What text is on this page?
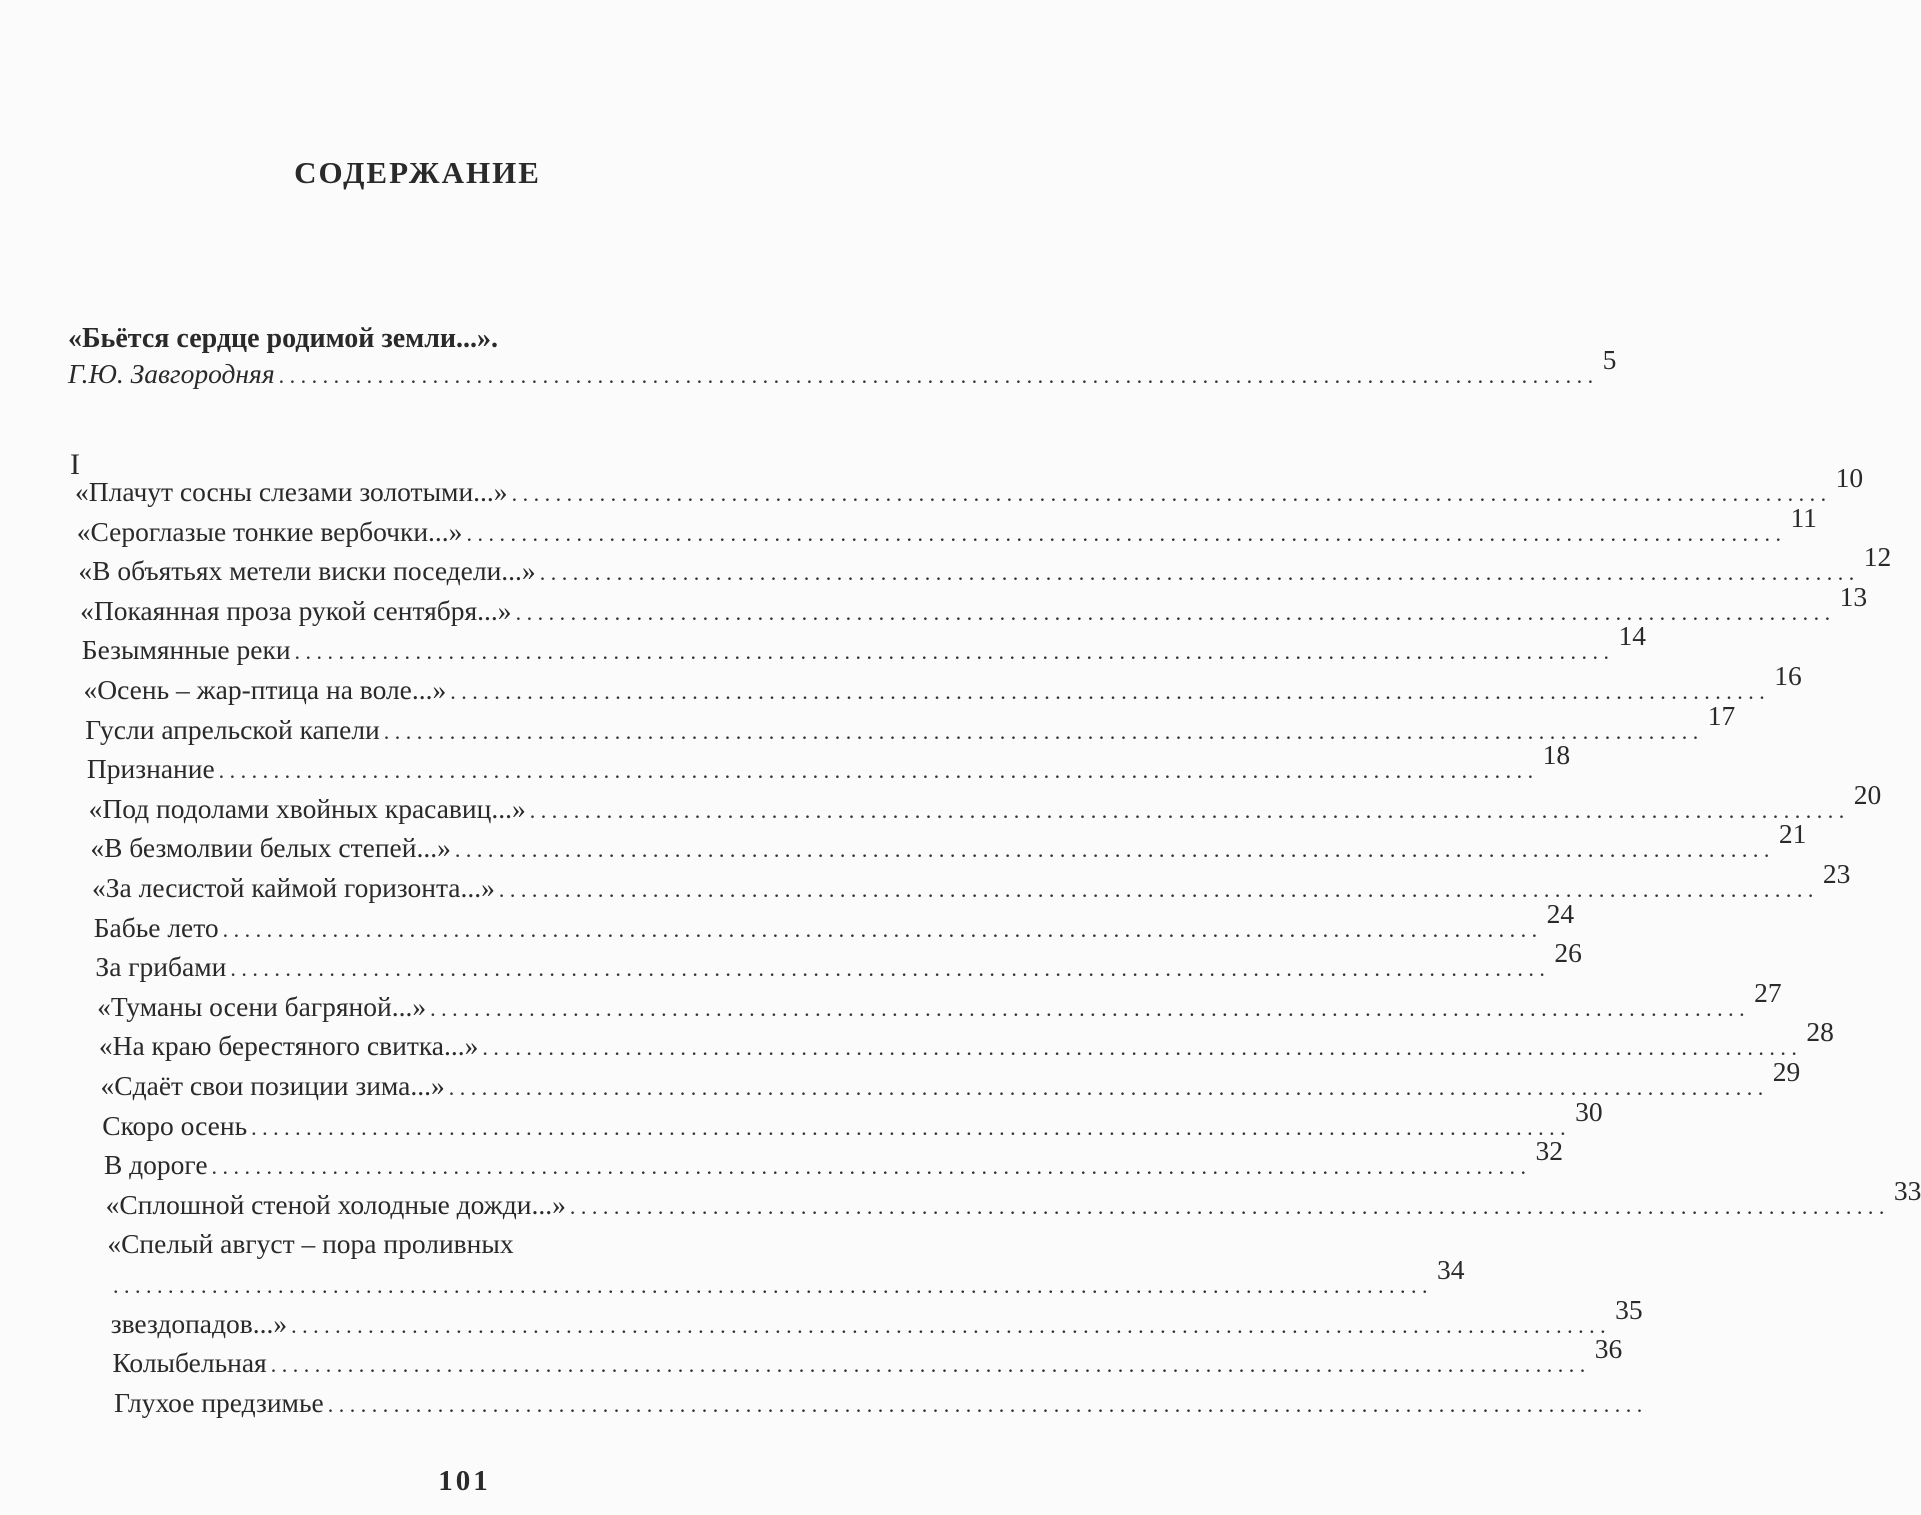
СОДЕРЖАНИЕ
«Бьётся сердце родимой земли...».
Г.Ю. Завгородняя ........................................................................................................................
5
I
«Плачут сосны слезами золотыми...» ........................................................................................................................
10
«Сероглазые тонкие вербочки...» ........................................................................................................................
11
«В объятьях метели виски поседели...» ........................................................................................................................
12
«Покаянная проза рукой сентября...» ........................................................................................................................
13
Безымянные реки ........................................................................................................................
14
«Осень – жар-птица на воле...» ........................................................................................................................
16
Гусли апрельской капели ........................................................................................................................
17
Признание ........................................................................................................................
18
«Под подолами хвойных красавиц...» ........................................................................................................................
20
«В безмолвии белых степей...» ........................................................................................................................
21
«За лесистой каймой горизонта...» ........................................................................................................................
23
Бабье лето ........................................................................................................................
24
За грибами ........................................................................................................................
26
«Туманы осени багряной...» ........................................................................................................................
27
«На краю берестяного свитка...» ........................................................................................................................
28
«Сдаёт свои позиции зима...» ........................................................................................................................
29
Скоро осень ........................................................................................................................
30
В дороге ........................................................................................................................
32
«Сплошной стеной холодные дожди...» ........................................................................................................................
33
«Спелый август – пора проливных
........................................................................................................................
34
звездопадов...» ........................................................................................................................
35
Колыбельная ........................................................................................................................
36
Глухое предзимье ........................................................................................................................
101
